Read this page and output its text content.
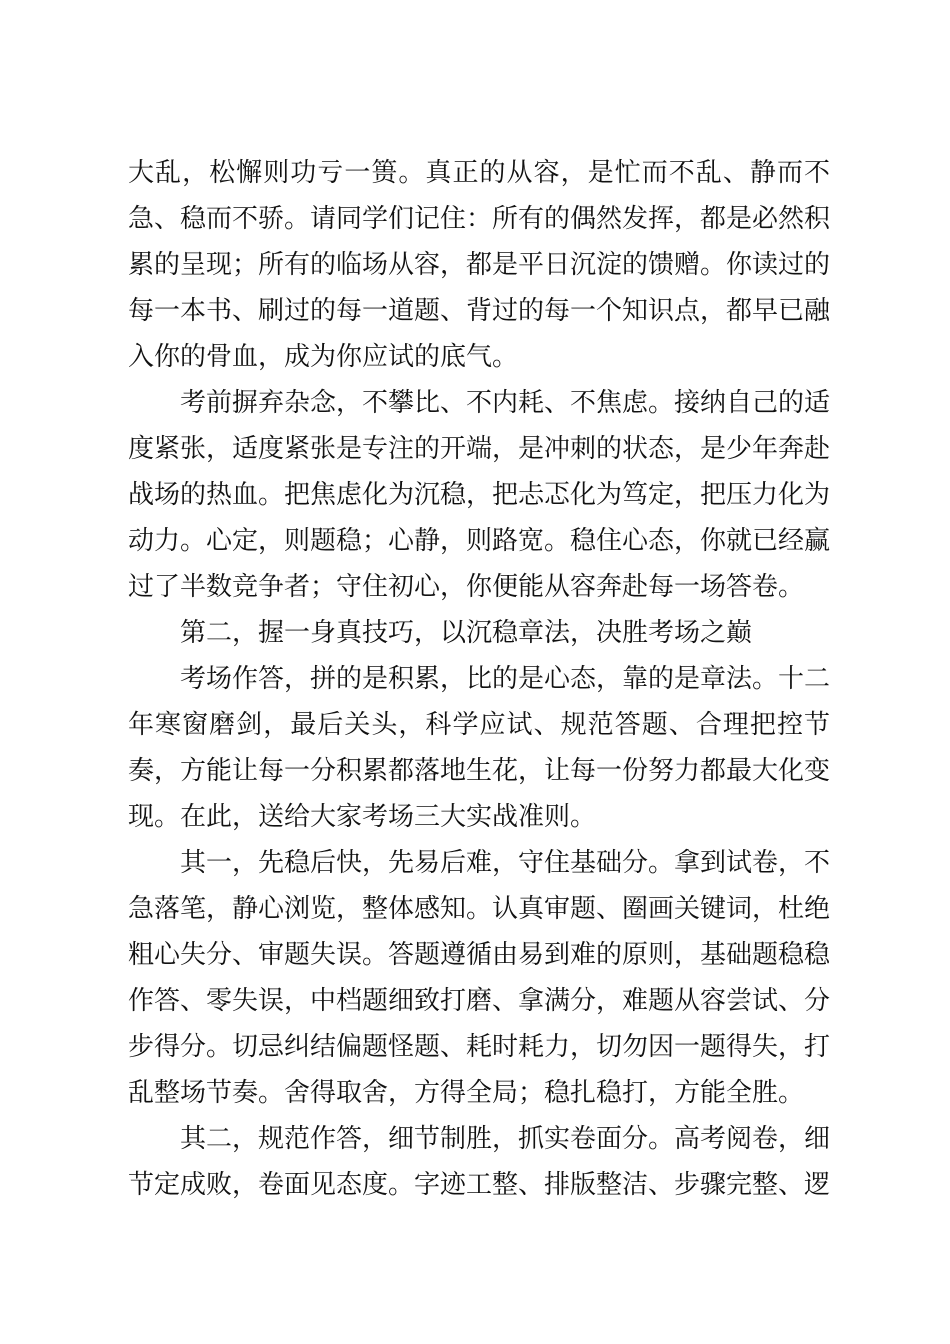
大乱，松懈则功亏一篑。真正的从容，是忙而不乱、静而不急、稳而不骄。请同学们记住：所有的偶然发挥，都是必然积累的呈现；所有的临场从容，都是平日沉淀的馈赠。你读过的每一本书、刷过的每一道题、背过的每一个知识点，都早已融入你的骨血，成为你应试的底气。

考前摒弃杂念，不攀比、不内耗、不焦虑。接纳自己的适度紧张，适度紧张是专注的开端，是冲刺的状态，是少年奔赴战场的热血。把焦虑化为沉稳，把忐忑化为笃定，把压力化为动力。心定，则题稳；心静，则路宽。稳住心态，你就已经赢过了半数竞争者；守住初心，你便能从容奔赴每一场答卷。

第二，握一身真技巧，以沉稳章法，决胜考场之巅

考场作答，拼的是积累，比的是心态，靠的是章法。十二年寒窗磨剑，最后关头，科学应试、规范答题、合理把控节奏，方能让每一分积累都落地生花，让每一份努力都最大化变现。在此，送给大家考场三大实战准则。

其一，先稳后快，先易后难，守住基础分。拿到试卷，不急落笔，静心浏览，整体感知。认真审题、圈画关键词，杜绝粗心失分、审题失误。答题遵循由易到难的原则，基础题稳稳作答、零失误，中档题细致打磨、拿满分，难题从容尝试、分步得分。切忌纠结偏题怪题、耗时耗力，切勿因一题得失，打乱整场节奏。舍得取舍，方得全局；稳扎稳打，方能全胜。

其二，规范作答，细节制胜，抓实卷面分。高考阅卷，细节定成败，卷面见态度。字迹工整、排版整洁、步骤完整、逻
